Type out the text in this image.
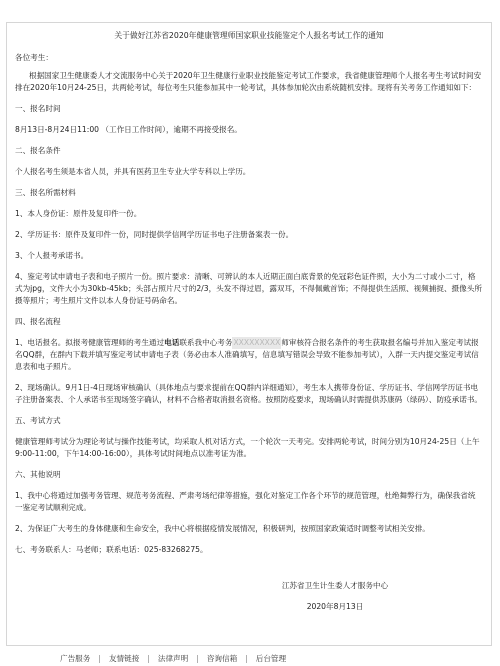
关于做好江苏省2020年健康管理师国家职业技能鉴定个人报名考试工作的通知

各位考生：

根据国家卫生健康委人才交流服务中心关于2020年卫生健康行业职业技能鉴定考试工作要求，我省健康管理师个人报名考生考试时间安排在2020年10月24-25日，共两轮考试，每位考生只能参加其中一轮考试，具体参加轮次由系统随机安排。现将有关考务工作通知如下：

一、报名时间

8月13日-8月24日11:00 （工作日工作时间），逾期不再接受报名。

二、报名条件

个人报名考生须是本省人员，并具有医药卫生专业大学专科以上学历。

三、报名所需材料

1、本人身份证：原件及复印件一份。

2、学历证书：原件及复印件一份，同时提供学信网学历证书电子注册备案表一份。

3、个人报考承诺书。

4、鉴定考试申请电子表和电子照片一份。照片要求：清晰、可辨认的本人近期正面白底背景的免冠彩色证件照，大小为二寸或小二寸，格式为jpg，文件大小为30kb-45kb；头部占照片尺寸的2/3，头发不得过眉，露双耳，不得佩戴首饰；不得提供生活照、视频捕捉、摄像头所摄等照片；考生照片文件以本人身份证号码命名。

四、报名流程

1、电话报名。拟报考健康管理师的考生通过电话联系我中心考务XXXXXXXXX师审核符合报名条件的考生获取报名编号并加入鉴定考试报名QQ群，在群内下载并填写鉴定考试申请电子表（务必由本人准确填写，信息填写错误会导致不能参加考试），入群一天内提交鉴定考试信息表和电子照片。

2、现场确认。9月1日-4日现场审核确认（具体地点与要求提前在QQ群内详细通知），考生本人携带身份证、学历证书、学信网学历证书电子注册备案表、个人承诺书至现场签字确认，材料不合格者取消报名资格。按照防疫要求，现场确认时需提供苏康码（绿码）、防疫承诺书。

五、考试方式

健康管理师考试分为理论考试与操作技能考试，均采取人机对话方式，一个轮次一天考完。安排两轮考试，时间分别为10月24-25日（上午9:00-11:00，下午14:00-16:00），具体考试时间地点以准考证为准。

六、其他说明

1、我中心将通过加强考务管理、规范考务流程、严肃考场纪律等措施，强化对鉴定工作各个环节的规范管理，杜绝舞弊行为，确保我省统一鉴定考试顺利完成。

2、为保证广大考生的身体健康和生命安全，我中心将根据疫情发展情况，积极研判，按照国家政策适时调整考试相关安排。

七、考务联系人：马老师；联系电话：025-83268275。

江苏省卫生计生委人才服务中心

2020年8月13日

广告服务 | 友情链接 | 法律声明 | 咨询信箱 | 后台管理
